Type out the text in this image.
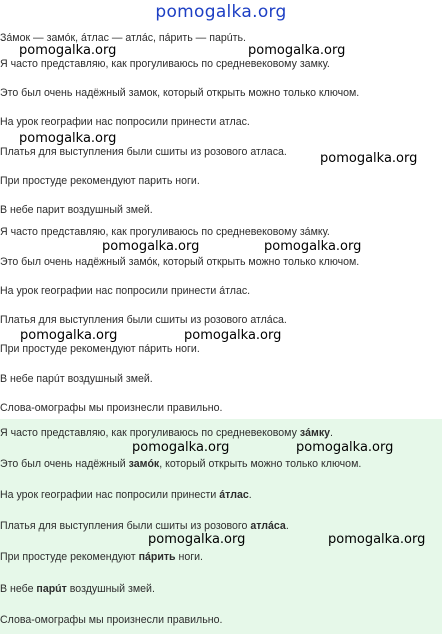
pomogalka.org
Зáмок — замóк, áтлас — атлáс, пáрить — парúть.
Я часто представляю, как прогуливаюсь по средневековому замку.
Это был очень надёжный замок, который открыть можно только ключом.
На урок географии нас попросили принести атлас.
Платья для выступления были сшиты из розового атласа.
При простуде рекомендуют парить ноги.
В небе парит воздушный змей.
Я часто представляю, как прогуливаюсь по средневековому зáмку.
Это был очень надёжный замóк, который открыть можно только ключом.
На урок географии нас попросили принести áтлас.
Платья для выступления были сшиты из розового атлáса.
При простуде рекомендуют пáрить ноги.
В небе парúт воздушный змей.
Слова-омографы мы произнесли правильно.
Я часто представляю, как прогуливаюсь по средневековому зáмку.
Это был очень надёжный замóк, который открыть можно только ключом.
На урок географии нас попросили принести áтлас.
Платья для выступления были сшиты из розового атлáса.
При простуде рекомендуют пáрить ноги.
В небе парúт воздушный змей.
Слова-омографы мы произнесли правильно.
pomogalka.org	pomogalka.org
pomogalka.org
pomogalka.org
pomogalka.org	pomogalka.org
pomogalka.org	pomogalka.org
pomogalka.org	pomogalka.org
pomogalka.org	pomogalka.org
